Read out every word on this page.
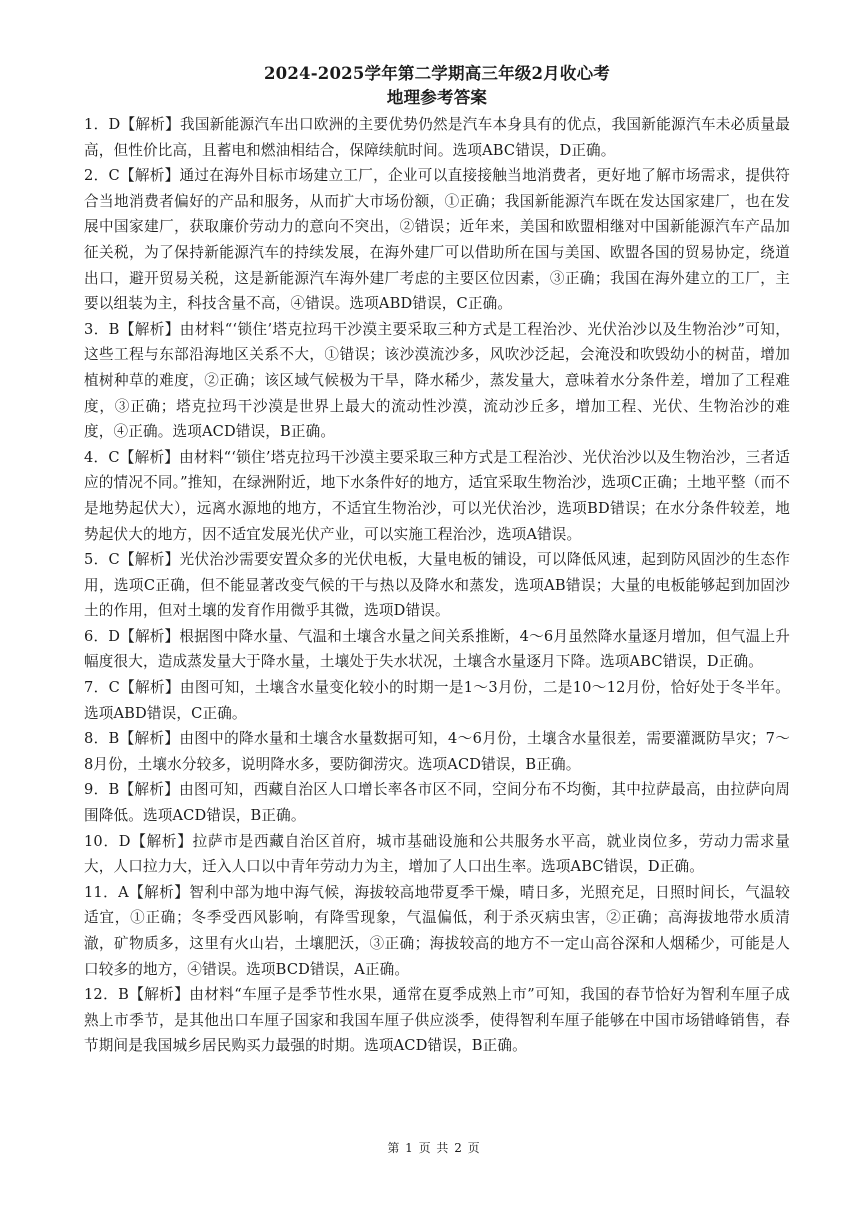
2024-2025学年第二学期高三年级2月收心考
地理参考答案

1．D【解析】我国新能源汽车出口欧洲的主要优势仍然是汽车本身具有的优点，我国新能源汽车未必质量最高，但性价比高，且蓄电和燃油相结合，保障续航时间。选项ABC错误，D正确。

2．C【解析】通过在海外目标市场建立工厂，企业可以直接接触当地消费者，更好地了解市场需求，提供符合当地消费者偏好的产品和服务，从而扩大市场份额，①正确；我国新能源汽车既在发达国家建厂，也在发展中国家建厂，获取廉价劳动力的意向不突出，②错误；近年来，美国和欧盟相继对中国新能源汽车产品加征关税，为了保持新能源汽车的持续发展，在海外建厂可以借助所在国与美国、欧盟各国的贸易协定，绕道出口，避开贸易关税，这是新能源汽车海外建厂考虑的主要区位因素，③正确；我国在海外建立的工厂，主要以组装为主，科技含量不高，④错误。选项ABD错误，C正确。

3．B【解析】由材料“‘锁住’塔克拉玛干沙漠主要采取三种方式是工程治沙、光伏治沙以及生物治沙”可知，这些工程与东部沿海地区关系不大，①错误；该沙漠流沙多，风吹沙泛起，会淹没和吹毁幼小的树苗，增加植树种草的难度，②正确；该区域气候极为干旱，降水稀少，蒸发量大，意味着水分条件差，增加了工程难度，③正确；塔克拉玛干沙漠是世界上最大的流动性沙漠，流动沙丘多，增加工程、光伏、生物治沙的难度，④正确。选项ACD错误，B正确。

4．C【解析】由材料“‘锁住’塔克拉玛干沙漠主要采取三种方式是工程治沙、光伏治沙以及生物治沙，三者适应的情况不同。”推知，在绿洲附近，地下水条件好的地方，适宜采取生物治沙，选项C正确；土地平整（而不是地势起伏大），远离水源地的地方，不适宜生物治沙，可以光伏治沙，选项BD错误；在水分条件较差，地势起伏大的地方，因不适宜发展光伏产业，可以实施工程治沙，选项A错误。

5．C【解析】光伏治沙需要安置众多的光伏电板，大量电板的铺设，可以降低风速，起到防风固沙的生态作用，选项C正确，但不能显著改变气候的干与热以及降水和蒸发，选项AB错误；大量的电板能够起到加固沙土的作用，但对土壤的发育作用微乎其微，选项D错误。

6．D【解析】根据图中降水量、气温和土壤含水量之间关系推断，4～6月虽然降水量逐月增加，但气温上升幅度很大，造成蒸发量大于降水量，土壤处于失水状况，土壤含水量逐月下降。选项ABC错误，D正确。

7．C【解析】由图可知，土壤含水量变化较小的时期一是1～3月份，二是10～12月份，恰好处于冬半年。选项ABD错误，C正确。

8．B【解析】由图中的降水量和土壤含水量数据可知，4～6月份，土壤含水量很差，需要灌溉防旱灾；7～8月份，土壤水分较多，说明降水多，要防御涝灾。选项ACD错误，B正确。

9．B【解析】由图可知，西藏自治区人口增长率各市区不同，空间分布不均衡，其中拉萨最高，由拉萨向周围降低。选项ACD错误，B正确。

10．D【解析】拉萨市是西藏自治区首府，城市基础设施和公共服务水平高，就业岗位多，劳动力需求量大，人口拉力大，迁入人口以中青年劳动力为主，增加了人口出生率。选项ABC错误，D正确。

11．A【解析】智利中部为地中海气候，海拔较高地带夏季干燥，晴日多，光照充足，日照时间长，气温较适宜，①正确；冬季受西风影响，有降雪现象，气温偏低，利于杀灭病虫害，②正确；高海拔地带水质清澈，矿物质多，这里有火山岩，土壤肥沃，③正确；海拔较高的地方不一定山高谷深和人烟稀少，可能是人口较多的地方，④错误。选项BCD错误，A正确。

12．B【解析】由材料“车厘子是季节性水果，通常在夏季成熟上市”可知，我国的春节恰好为智利车厘子成熟上市季节，是其他出口车厘子国家和我国车厘子供应淡季，使得智利车厘子能够在中国市场错峰销售，春节期间是我国城乡居民购买力最强的时期。选项ACD错误，B正确。

第 1 页 共 2 页
